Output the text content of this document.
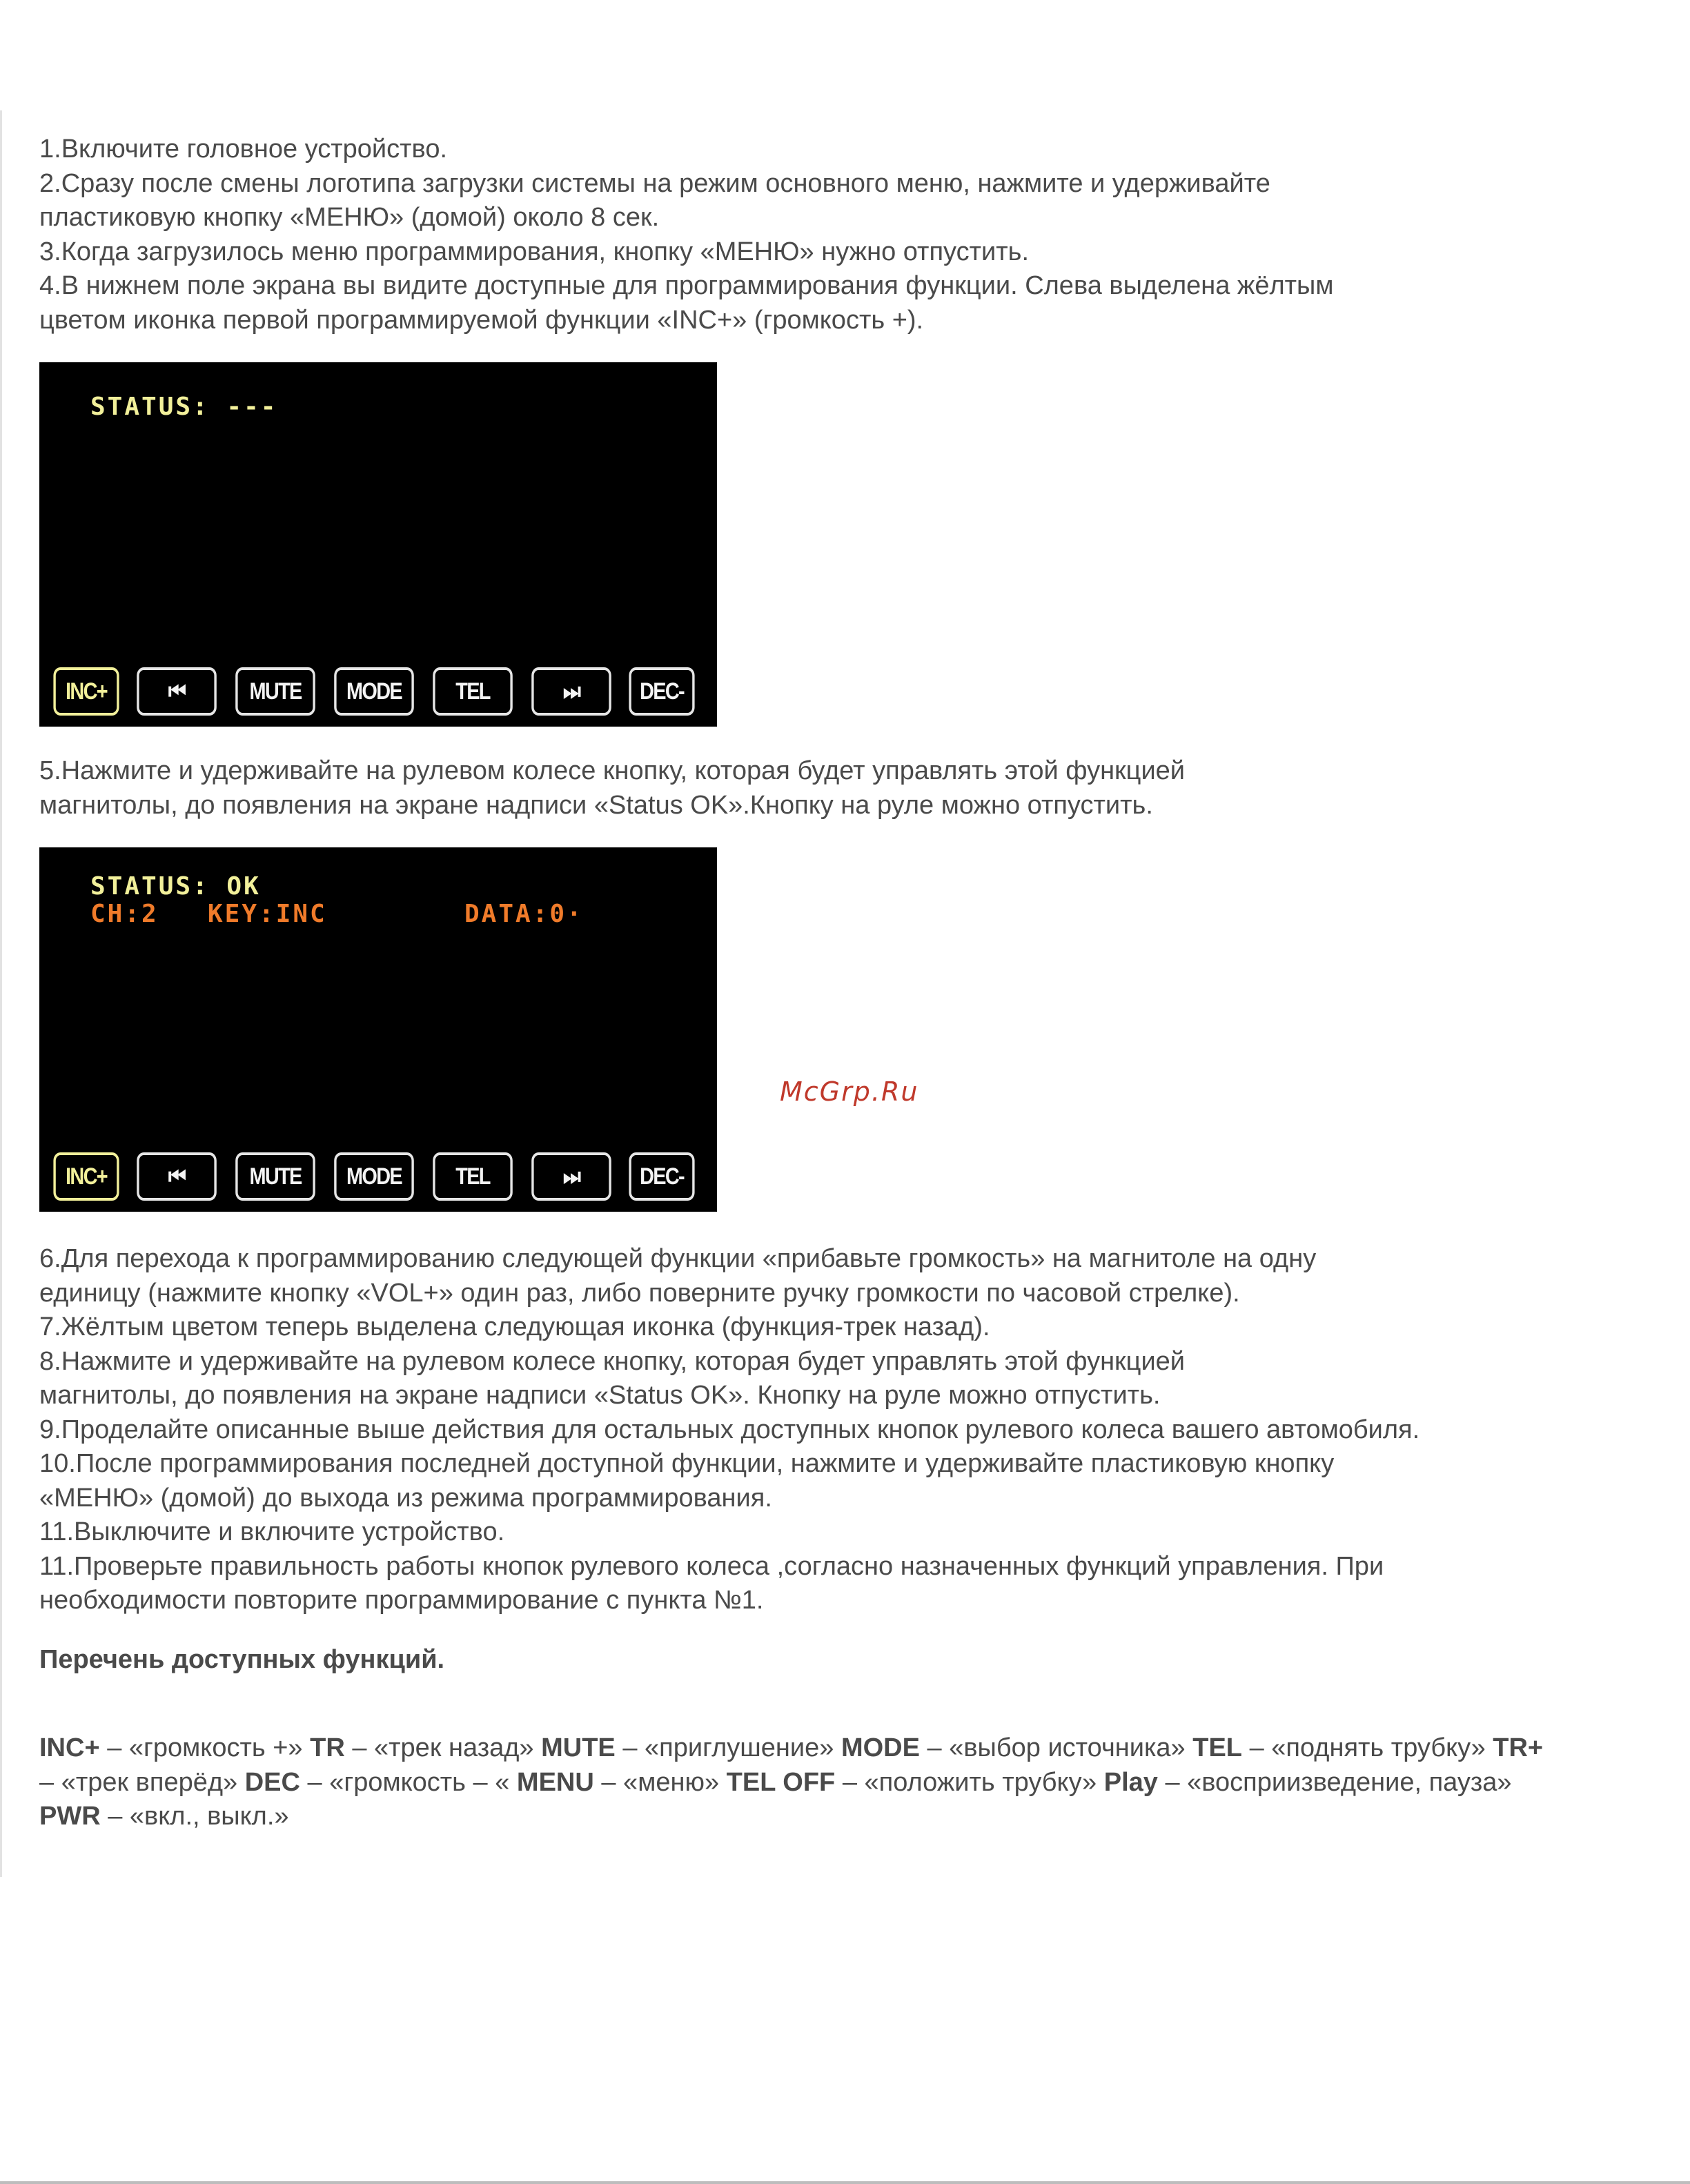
1.Включите головное устройство.

2.Сразу после смены логотипа загрузки системы на режим основного меню, нажмите и удерживайте
пластиковую кнопку «МЕНЮ» (домой) около 8 сек.

3.Когда загрузилось меню программирования, кнопку «МЕНЮ» нужно отпустить.

4.В нижнем поле экрана вы видите доступные для программирования функции. Слева выделена жёлтым
цветом иконка первой программируемой функции «INC+» (громкость +).

STATUS: ---
INC+	⏮	MUTE	MODE	TEL	⏭	DEC-

5.Нажмите и удерживайте на рулевом колесе кнопку, которая будет управлять этой функцией
магнитолы, до появления на экране надписи «Status OK».Кнопку на руле можно отпустить.

STATUS: OK
CH:2 KEY:INC	DATA:0·
INC+	⏮	MUTE	MODE	TEL	⏭	DEC-

6.Для перехода к программированию следующей функции «прибавьте громкость» на магнитоле на одну
единицу (нажмите кнопку «VOL+» один раз, либо поверните ручку громкости по часовой стрелке).
7.Жёлтым цветом теперь выделена следующая иконка (функция-трек назад).
8.Нажмите и удерживайте на рулевом колесе кнопку, которая будет управлять этой функцией
магнитолы, до появления на экране надписи «Status OK». Кнопку на руле можно отпустить.
9.Проделайте описанные выше действия для остальных доступных кнопок рулевого колеса вашего автомобиля.
10.После программирования последней доступной функции, нажмите и удерживайте пластиковую кнопку
«МЕНЮ» (домой) до выхода из режима программирования.
11.Выключите и включите устройство.
11.Проверьте правильность работы кнопок рулевого колеса ,согласно назначенных функций управления. При
необходимости повторите программирование с пункта №1.

Перечень доступных функций.

INC+ – «громкость +» TR – «трек назад» MUTE – «приглушение» MODE – «выбор источника» TEL – «поднять трубку» TR+ – «трек вперёд» DEC – «громкость – « MENU – «меню» TEL OFF – «положить трубку» Play – «восприизведение, пауза» PWR – «вкл., выкл.»

McGrp.Ru
